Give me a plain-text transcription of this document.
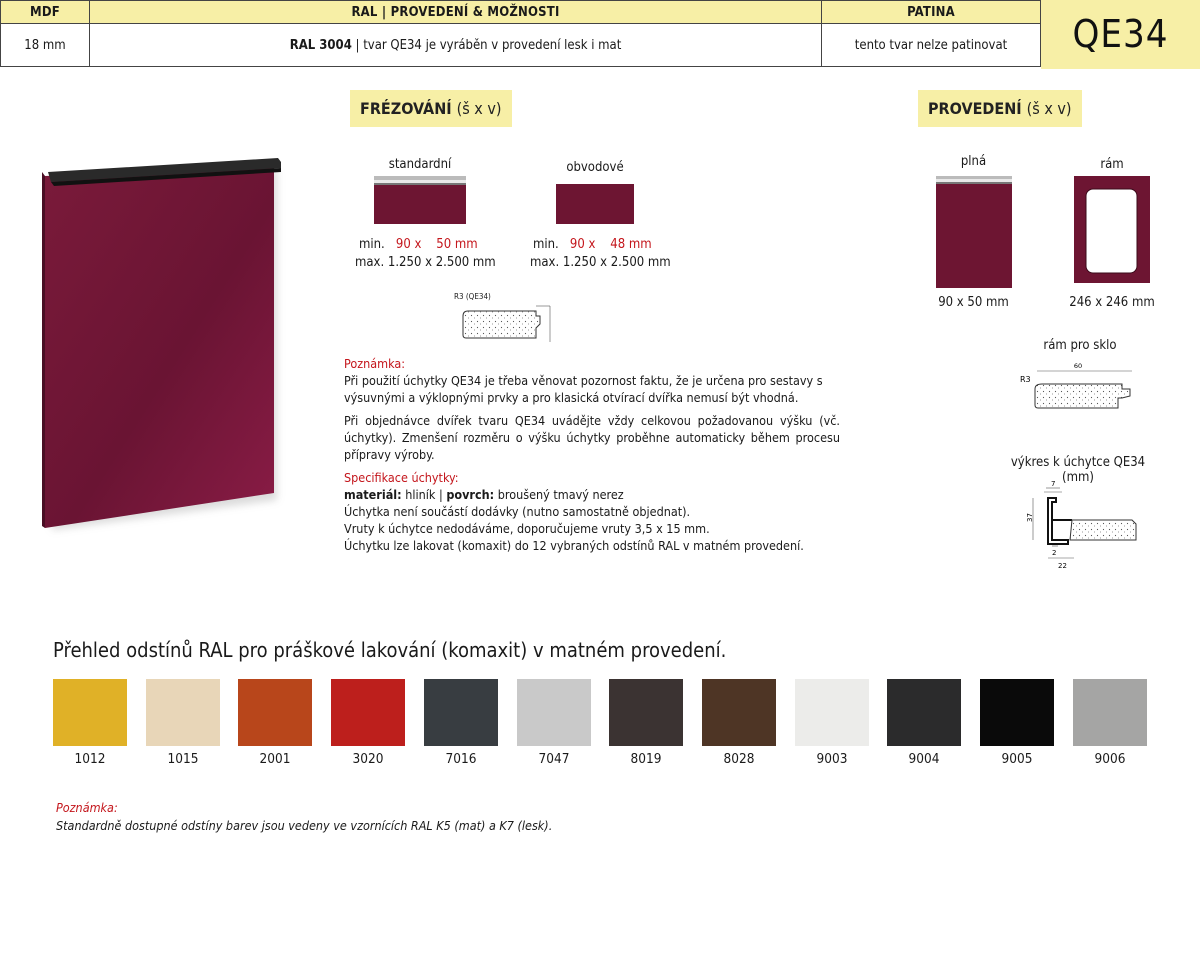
MDF	RAL | PROVEDENÍ & MOŽNOSTI	PATINA
18 mm	RAL 3004 | tvar QE34 je vyráběn v provedení lesk i mat	tento tvar nelze patinovat	QE34
FRÉZOVÁNÍ (š x v)
standardní	obvodové
min. 90 x 50 mm
max. 1.250 x 2.500 mm
min. 90 x 48 mm
max. 1.250 x 2.500 mm
R3 (QE34)
PROVEDENÍ (š x v)
plná
90 x 50 mm
rám
246 x 246 mm
rám pro sklo
60
R3
výkres k úchytce QE34 (mm)
7
37
2
22

Poznámka:

Při použití úchytky QE34 je třeba věnovat pozornost faktu, že je určena pro sestavy s výsuvnými a výklopnými prvky a pro klasická otvírací dvířka nemusí být vhodná.

Při objednávce dvířek tvaru QE34 uvádějte vždy celkovou požadovanou výšku (vč. úchytky). Zmenšení rozměru o výšku úchytky proběhne automaticky během procesu přípravy výroby.

Specifikace úchytky:

materiál: hliník | povrch: broušený tmavý nerez
Úchytka není součástí dodávky (nutno samostatně objednat).
Vruty k úchytce nedodáváme, doporučujeme vruty 3,5 x 15 mm.
Úchytku lze lakovat (komaxit) do 12 vybraných odstínů RAL v matném provedení.
Přehled odstínů RAL pro práškové lakování (komaxit) v matném provedení.
1012	1015	2001	3020	7016	7047	8019	8028	9003	9004	9005	9006
Poznámka:
Standardně dostupné odstíny barev jsou vedeny ve vzornících RAL K5 (mat) a K7 (lesk).
